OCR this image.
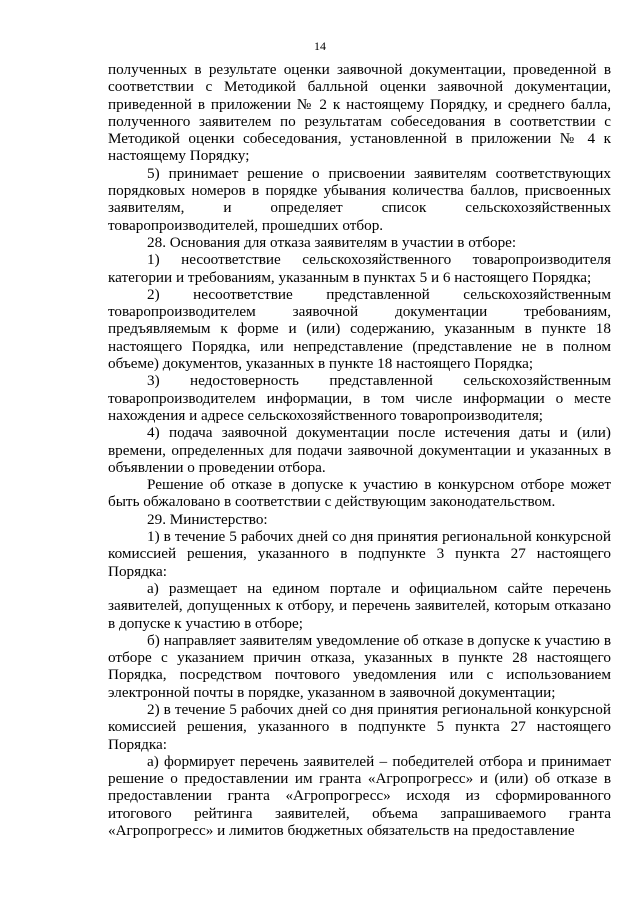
14

полученных в результате оценки заявочной документации, проведенной в соответствии с Методикой балльной оценки заявочной документации, приведенной в приложении № 2 к настоящему Порядку, и среднего балла, полученного заявителем по результатам собеседования в соответствии с Методикой оценки собеседования, установленной в приложении № 4 к настоящему Порядку;

5) принимает решение о присвоении заявителям соответствующих порядковых номеров в порядке убывания количества баллов, присвоенных заявителям, и определяет список сельскохозяйственных товаропроизводителей, прошедших отбор.

28. Основания для отказа заявителям в участии в отборе:

1) несоответствие сельскохозяйственного товаропроизводителя категории и требованиям, указанным в пунктах 5 и 6 настоящего Порядка;

2) несоответствие представленной сельскохозяйственным товаропроизводителем заявочной документации требованиям, предъявляемым к форме и (или) содержанию, указанным в пункте 18 настоящего Порядка, или непредставление (представление не в полном объеме) документов, указанных в пункте 18 настоящего Порядка;

3) недостоверность представленной сельскохозяйственным товаропроизводителем информации, в том числе информации о месте нахождения и адресе сельскохозяйственного товаропроизводителя;

4) подача заявочной документации после истечения даты и (или) времени, определенных для подачи заявочной документации и указанных в объявлении о проведении отбора.

Решение об отказе в допуске к участию в конкурсном отборе может быть обжаловано в соответствии с действующим законодательством.

29. Министерство:

1) в течение 5 рабочих дней со дня принятия региональной конкурсной комиссией решения, указанного в подпункте 3 пункта 27 настоящего Порядка:

а) размещает на едином портале и официальном сайте перечень заявителей, допущенных к отбору, и перечень заявителей, которым отказано в допуске к участию в отборе;

б) направляет заявителям уведомление об отказе в допуске к участию в отборе с указанием причин отказа, указанных в пункте 28 настоящего Порядка, посредством почтового уведомления или с использованием электронной почты в порядке, указанном в заявочной документации;

2) в течение 5 рабочих дней со дня принятия региональной конкурсной комиссией решения, указанного в подпункте 5 пункта 27 настоящего Порядка:

а) формирует перечень заявителей – победителей отбора и принимает решение о предоставлении им гранта «Агропрогресс» и (или) об отказе в предоставлении гранта «Агропрогресс» исходя из сформированного итогового рейтинга заявителей, объема запрашиваемого гранта «Агропрогресс» и лимитов бюджетных обязательств на предоставление
